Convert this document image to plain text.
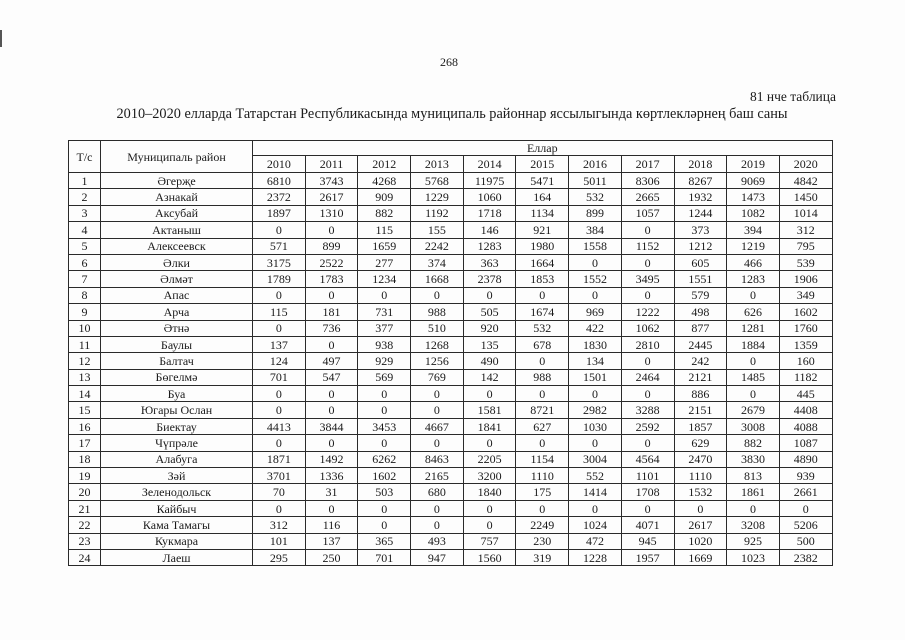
268
81 нче таблица
2010–2020 елларда Татарстан Республикасында муниципаль районнар яссылыгында көртлекләрнең баш саны
Т/с	Муниципаль район	Еллар										
		2010	2011	2012	2013	2014	2015	2016	2017	2018	2019	2020
1	Әгерҗе	6810	3743	4268	5768	11975	5471	5011	8306	8267	9069	4842
2	Азнакай	2372	2617	909	1229	1060	164	532	2665	1932	1473	1450
3	Аксубай	1897	1310	882	1192	1718	1134	899	1057	1244	1082	1014
4	Актаныш	0	0	115	155	146	921	384	0	373	394	312
5	Алексеевск	571	899	1659	2242	1283	1980	1558	1152	1212	1219	795
6	Әлки	3175	2522	277	374	363	1664	0	0	605	466	539
7	Әлмәт	1789	1783	1234	1668	2378	1853	1552	3495	1551	1283	1906
8	Апас	0	0	0	0	0	0	0	0	579	0	349
9	Арча	115	181	731	988	505	1674	969	1222	498	626	1602
10	Әтнә	0	736	377	510	920	532	422	1062	877	1281	1760
11	Баулы	137	0	938	1268	135	678	1830	2810	2445	1884	1359
12	Балтач	124	497	929	1256	490	0	134	0	242	0	160
13	Бөгелмә	701	547	569	769	142	988	1501	2464	2121	1485	1182
14	Буа	0	0	0	0	0	0	0	0	886	0	445
15	Югары Ослан	0	0	0	0	1581	8721	2982	3288	2151	2679	4408
16	Биектау	4413	3844	3453	4667	1841	627	1030	2592	1857	3008	4088
17	Чүпрәле	0	0	0	0	0	0	0	0	629	882	1087
18	Алабуга	1871	1492	6262	8463	2205	1154	3004	4564	2470	3830	4890
19	Зәй	3701	1336	1602	2165	3200	1110	552	1101	1110	813	939
20	Зеленодольск	70	31	503	680	1840	175	1414	1708	1532	1861	2661
21	Кайбыч	0	0	0	0	0	0	0	0	0	0	0
22	Кама Тамагы	312	116	0	0	0	2249	1024	4071	2617	3208	5206
23	Кукмара	101	137	365	493	757	230	472	945	1020	925	500
24	Лаеш	295	250	701	947	1560	319	1228	1957	1669	1023	2382
